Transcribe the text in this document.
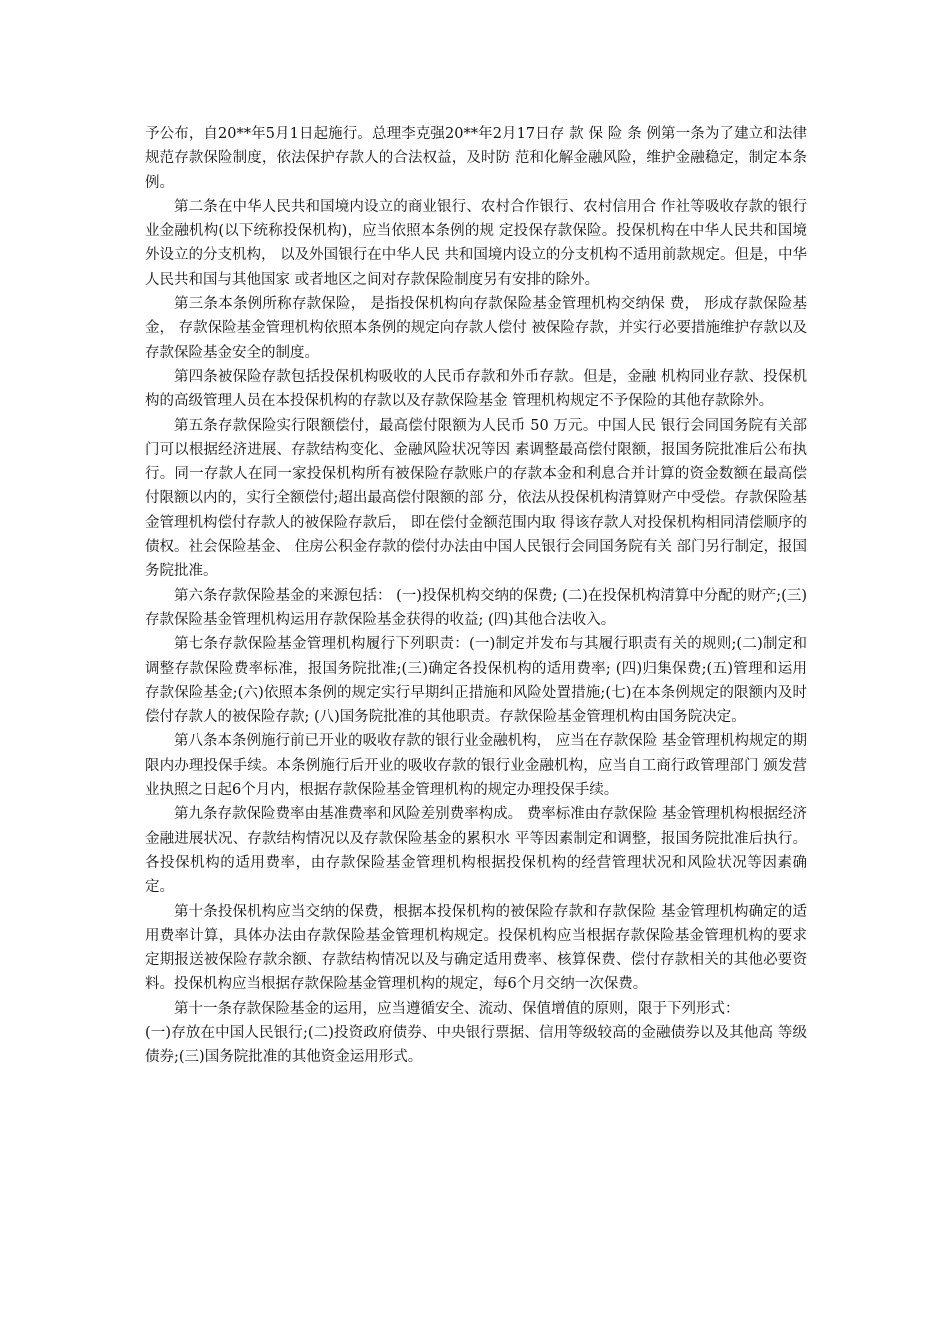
予公布，自20**年5月1日起施行。总理李克强20**年2月17日存 款 保 险 条 例第一条为了建立和法律规范存款保险制度，依法保护存款人的合法权益，及时防 范和化解金融风险，维护金融稳定，制定本条例。

第二条在中华人民共和国境内设立的商业银行、农村合作银行、农村信用合 作社等吸收存款的银行业金融机构(以下统称投保机构)，应当依照本条例的规 定投保存款保险。投保机构在中华人民共和国境外设立的分支机构， 以及外国银行在中华人民 共和国境内设立的分支机构不适用前款规定。但是，中华人民共和国与其他国家 或者地区之间对存款保险制度另有安排的除外。

第三条本条例所称存款保险， 是指投保机构向存款保险基金管理机构交纳保 费， 形成存款保险基金， 存款保险基金管理机构依照本条例的规定向存款人偿付 被保险存款，并实行必要措施维护存款以及存款保险基金安全的制度。

第四条被保险存款包括投保机构吸收的人民币存款和外币存款。但是，金融 机构同业存款、投保机构的高级管理人员在本投保机构的存款以及存款保险基金 管理机构规定不予保险的其他存款除外。

第五条存款保险实行限额偿付，最高偿付限额为人民币 50 万元。中国人民 银行会同国务院有关部门可以根据经济进展、存款结构变化、金融风险状况等因 素调整最高偿付限额，报国务院批准后公布执行。同一存款人在同一家投保机构所有被保险存款账户的存款本金和利息合并计算的资金数额在最高偿付限额以内的，实行全额偿付;超出最高偿付限额的部 分，依法从投保机构清算财产中受偿。存款保险基金管理机构偿付存款人的被保险存款后， 即在偿付金额范围内取 得该存款人对投保机构相同清偿顺序的债权。社会保险基金、 住房公积金存款的偿付办法由中国人民银行会同国务院有关 部门另行制定，报国务院批准。

第六条存款保险基金的来源包括： (一)投保机构交纳的保费; (二)在投保机构清算中分配的财产;(三)存款保险基金管理机构运用存款保险基金获得的收益; (四)其他合法收入。

第七条存款保险基金管理机构履行下列职责：(一)制定并发布与其履行职责有关的规则;(二)制定和调整存款保险费率标准，报国务院批准;(三)确定各投保机构的适用费率; (四)归集保费;(五)管理和运用存款保险基金;(六)依照本条例的规定实行早期纠正措施和风险处置措施;(七)在本条例规定的限额内及时偿付存款人的被保险存款; (八)国务院批准的其他职责。存款保险基金管理机构由国务院决定。

第八条本条例施行前已开业的吸收存款的银行业金融机构， 应当在存款保险 基金管理机构规定的期限内办理投保手续。本条例施行后开业的吸收存款的银行业金融机构，应当自工商行政管理部门 颁发营业执照之日起6个月内，根据存款保险基金管理机构的规定办理投保手续。

第九条存款保险费率由基准费率和风险差别费率构成。 费率标准由存款保险 基金管理机构根据经济金融进展状况、存款结构情况以及存款保险基金的累积水 平等因素制定和调整，报国务院批准后执行。各投保机构的适用费率，由存款保险基金管理机构根据投保机构的经营管理状况和风险状况等因素确定。

第十条投保机构应当交纳的保费，根据本投保机构的被保险存款和存款保险 基金管理机构确定的适用费率计算，具体办法由存款保险基金管理机构规定。投保机构应当根据存款保险基金管理机构的要求定期报送被保险存款余额、存款结构情况以及与确定适用费率、核算保费、偿付存款相关的其他必要资料。投保机构应当根据存款保险基金管理机构的规定，每6个月交纳一次保费。

第十一条存款保险基金的运用，应当遵循安全、流动、保值增值的原则，限于下列形式：

(一)存放在中国人民银行;(二)投资政府债券、中央银行票据、信用等级较高的金融债券以及其他高 等级债券;(三)国务院批准的其他资金运用形式。
